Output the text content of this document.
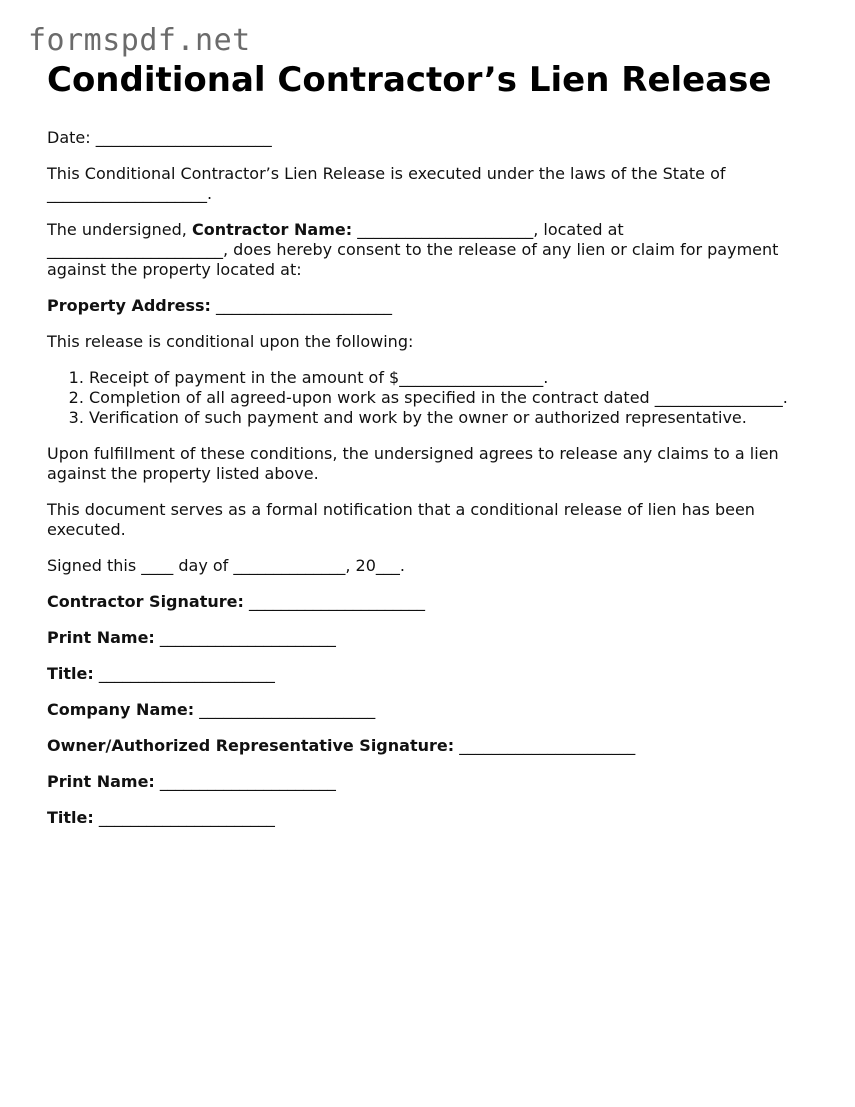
formspdf.net
Conditional Contractor’s Lien Release

Date: ______________________

This Conditional Contractor’s Lien Release is executed under the laws of the State of ____________________.

The undersigned, Contractor Name: ______________________, located at ______________________, does hereby consent to the release of any lien or claim for payment against the property located at:

Property Address: ______________________

This release is conditional upon the following:

1. Receipt of payment in the amount of $__________________.
2. Completion of all agreed-upon work as specified in the contract dated ________________.
3. Verification of such payment and work by the owner or authorized representative.

Upon fulfillment of these conditions, the undersigned agrees to release any claims to a lien against the property listed above.

This document serves as a formal notification that a conditional release of lien has been executed.

Signed this ____ day of ______________, 20___.

Contractor Signature: ______________________

Print Name: ______________________

Title: ______________________

Company Name: ______________________

Owner/Authorized Representative Signature: ______________________

Print Name: ______________________

Title: ______________________
